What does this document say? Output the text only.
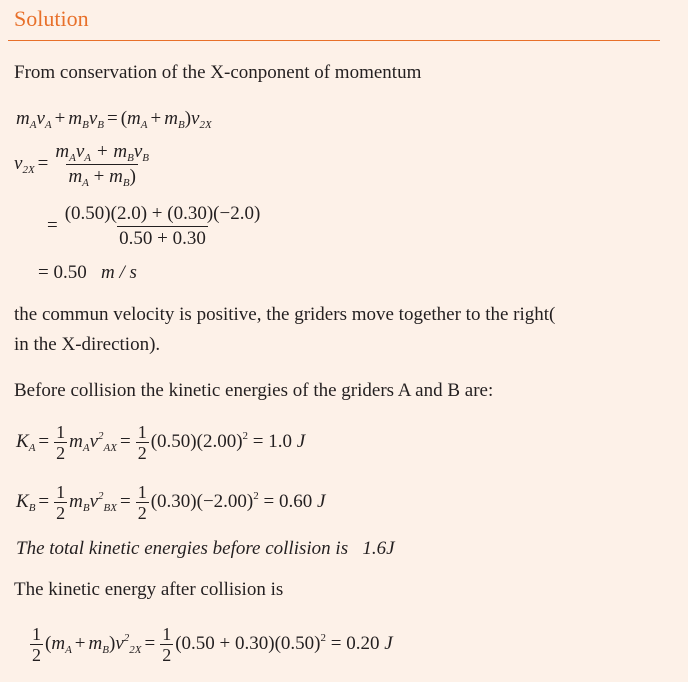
Solution
From conservation of the X-conponent of momentum
$m_Av_A + m_Bv_B = (m_A + m_B)v_{2X}$
$v_{2X} = \frac{m_Av_A + m_Bv_B}{m_A + m_B)}$
= $\frac{(0.50)(2.0) + (0.30)(-2.0)}{0.50 + 0.30}$
= 0.50 m / s
the commun velocity is positive, the griders move together to the right(
in the X-direction).
Before collision the kinetic energies of the griders A and B are:
$K_A = \frac{1}{2} m_Av^2_{AX} = \frac{1}{2} (0.50)(2.00)^2 = 1.0$ J
$K_B = \frac{1}{2} m_Bv^2_{BX} = \frac{1}{2} (0.30)(-2.00)^2 = 0.60$ J
The total kinetic energies before collision is 1.6J
The kinetic energy after collision is
$\frac{1}{2} (m_A + m_B)v^2_{2X} = \frac{1}{2} (0.50 + 0.30)(0.50)^2 = 0.20$ J
